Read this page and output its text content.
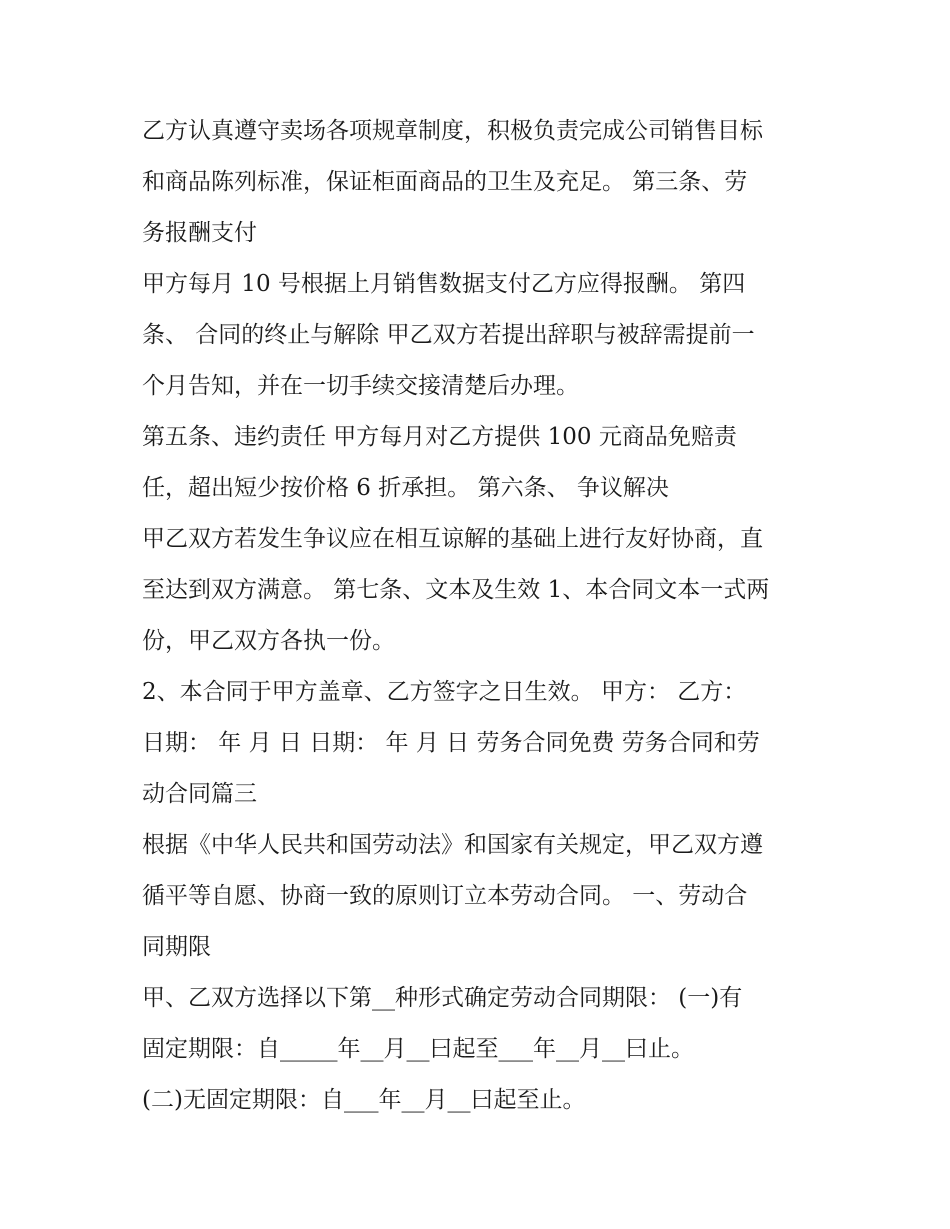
乙方认真遵守卖场各项规章制度，积极负责完成公司销售目标
和商品陈列标准，保证柜面商品的卫生及充足。 第三条、劳
务报酬支付
甲方每月 10 号根据上月销售数据支付乙方应得报酬。 第四
条、 合同的终止与解除 甲乙双方若提出辞职与被辞需提前一
个月告知，并在一切手续交接清楚后办理。
第五条、违约责任 甲方每月对乙方提供 100 元商品免赔责
任，超出短少按价格 6 折承担。 第六条、 争议解决
甲乙双方若发生争议应在相互谅解的基础上进行友好协商，直
至达到双方满意。 第七条、文本及生效 1、本合同文本一式两
份，甲乙双方各执一份。
2、本合同于甲方盖章、乙方签字之日生效。 甲方： 乙方：
日期： 年 月 日 日期： 年 月 日 劳务合同免费 劳务合同和劳
动合同篇三
根据《中华人民共和国劳动法》和国家有关规定，甲乙双方遵
循平等自愿、协商一致的原则订立本劳动合同。 一、劳动合
同期限
甲、乙双方选择以下第__种形式确定劳动合同期限： (一)有
固定期限：自_____年__月__曰起至___年__月__曰止。
(二)无固定期限：自___年__月__曰起至止。
